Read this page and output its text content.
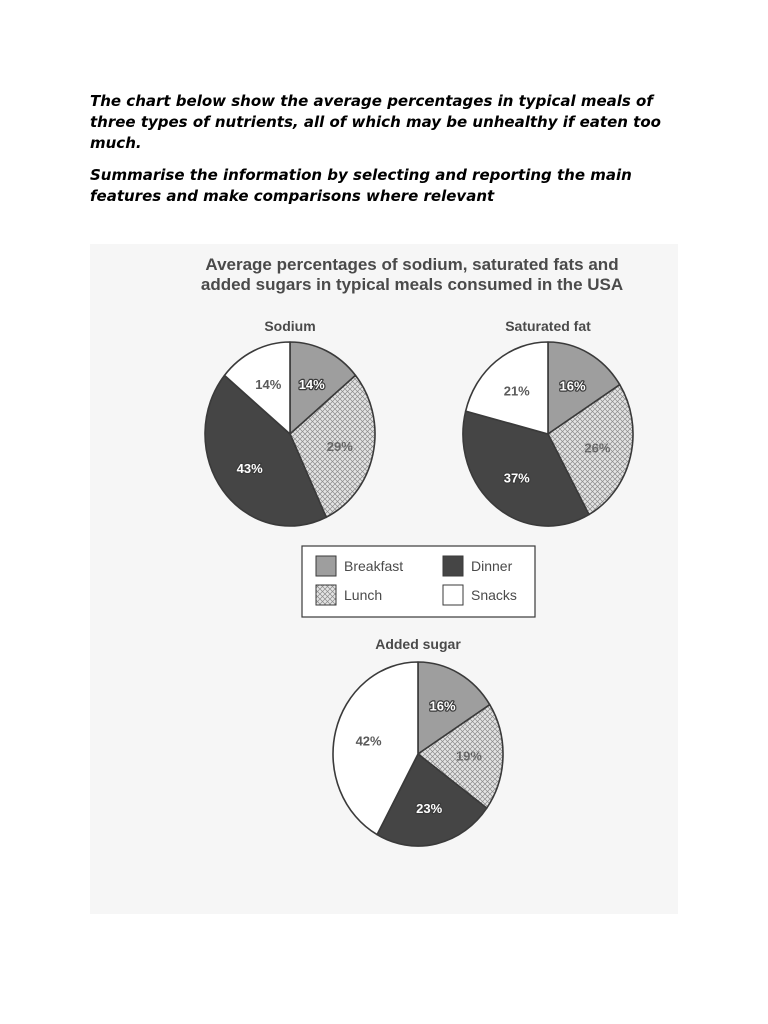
The chart below show the average percentages in typical meals of three types of nutrients, all of which may be unhealthy if eaten too much.

Summarise the information by selecting and reporting the main features and make comparisons where relevant

Average percentages of sodium, saturated fats and
added sugars in typical meals consumed in the USA
Sodium	Saturated fat
Added sugar
14%
29%
43%
14%	16%
26%
37%
21%
16%
19%
23%
42%
Breakfast	Dinner
Lunch	Snacks
